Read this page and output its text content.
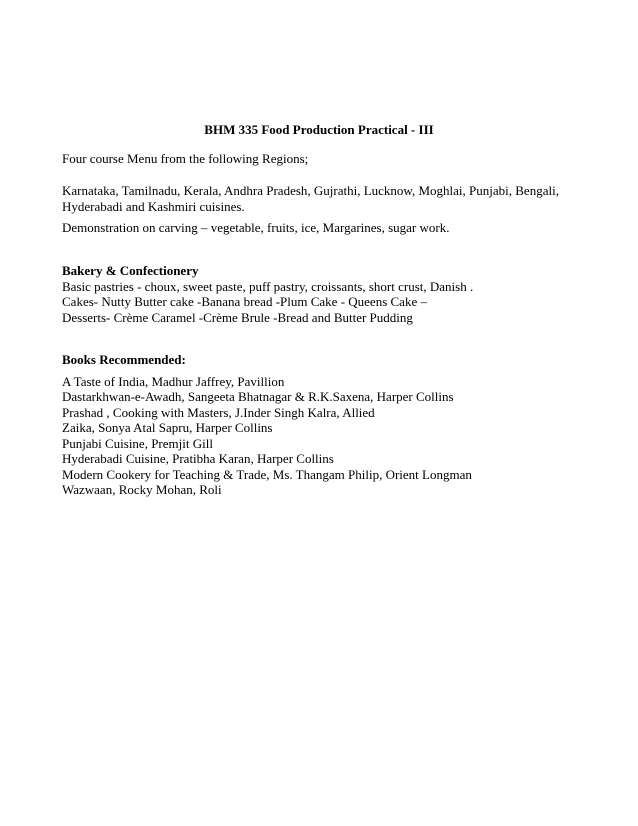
BHM 335 Food Production Practical - III
Four course Menu from the following Regions;
Karnataka, Tamilnadu, Kerala, Andhra Pradesh, Gujrathi, Lucknow, Moghlai, Punjabi, Bengali,
Hyderabadi and Kashmiri cuisines.
Demonstration on carving – vegetable, fruits, ice, Margarines, sugar work.
Bakery & Confectionery
Basic pastries - choux, sweet paste, puff pastry, croissants, short crust, Danish .
Cakes- Nutty Butter cake -Banana bread -Plum Cake - Queens Cake –
Desserts- Crème Caramel -Crème Brule -Bread and Butter Pudding
Books Recommended:
A Taste of India, Madhur Jaffrey, Pavillion
Dastarkhwan-e-Awadh, Sangeeta Bhatnagar & R.K.Saxena, Harper Collins
Prashad , Cooking with Masters, J.Inder Singh Kalra, Allied
Zaika, Sonya Atal Sapru, Harper Collins
Punjabi Cuisine, Premjit Gill
Hyderabadi Cuisine, Pratibha Karan, Harper Collins
Modern Cookery for Teaching & Trade, Ms. Thangam Philip, Orient Longman
Wazwaan, Rocky Mohan, Roli
